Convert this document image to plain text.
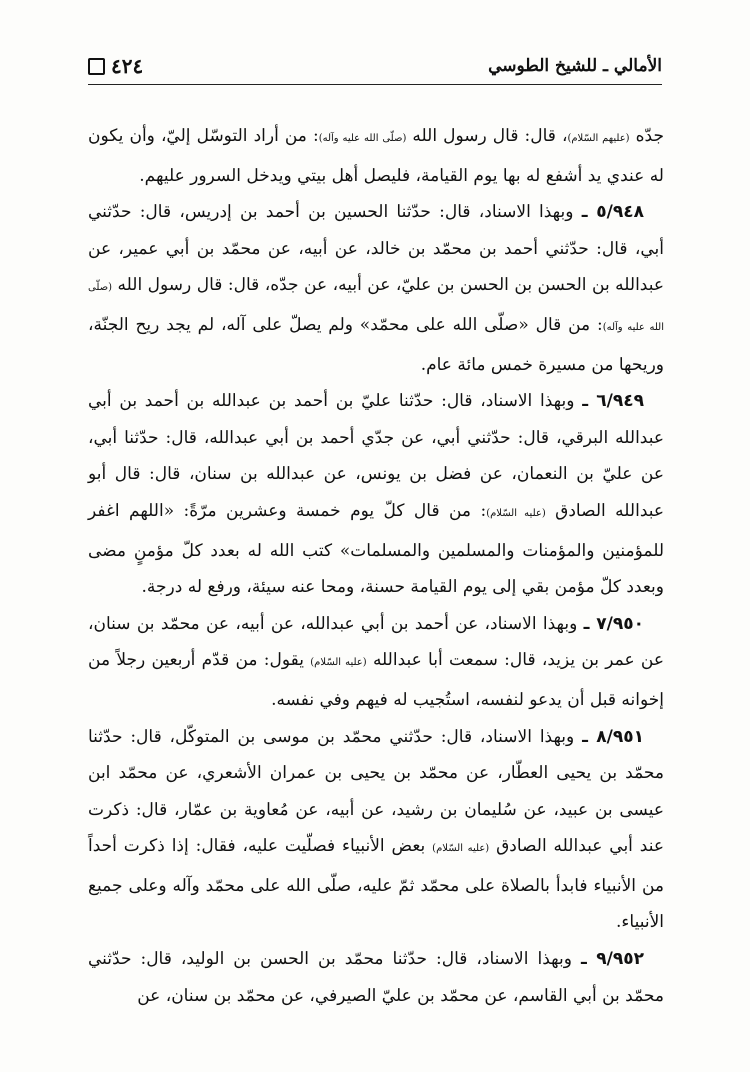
الأمالي ـ للشيخ الطوسي
٤٢٤

جدّه (عليهم السّلام)، قال: قال رسول الله (صلّى الله عليه وآله): من أراد التوسّل إليّ، وأن يكون له عندي يد أشفع له بها يوم القيامة، فليصل أهل بيتي ويدخل السرور عليهم.

٥/٩٤٨ ـ وبهذا الاسناد، قال: حدّثنا الحسين بن أحمد بن إدريس، قال: حدّثني أبي، قال: حدّثني أحمد بن محمّد بن خالد، عن أبيه، عن محمّد بن أبي عمير، عن عبدالله بن الحسن بن الحسن بن عليّ، عن أبيه، عن جدّه، قال: قال رسول الله (صلّى الله عليه وآله): من قال «صلّى الله على محمّد» ولم يصلّ على آله، لم يجد ريح الجنّة، وريحها من مسيرة خمس مائة عام.

٦/٩٤٩ ـ وبهذا الاسناد، قال: حدّثنا عليّ بن أحمد بن عبدالله بن أحمد بن أبي عبدالله البرقي، قال: حدّثني أبي، عن جدّي أحمد بن أبي عبدالله، قال: حدّثنا أبي، عن عليّ بن النعمان، عن فضل بن يونس، عن عبدالله بن سنان، قال: قال أبو عبدالله الصادق (عليه السّلام): من قال كلّ يوم خمسة وعشرين مرّةً: «اللهم اغفر للمؤمنين والمؤمنات والمسلمين والمسلمات» كتب الله له بعدد كلّ مؤمنٍ مضى وبعدد كلّ مؤمن بقي إلى يوم القيامة حسنة، ومحا عنه سيئة، ورفع له درجة.

٧/٩٥٠ ـ وبهذا الاسناد، عن أحمد بن أبي عبدالله، عن أبيه، عن محمّد بن سنان، عن عمر بن يزيد، قال: سمعت أبا عبدالله (عليه السّلام) يقول: من قدّم أربعين رجلاً من إخوانه قبل أن يدعو لنفسه، استُجيب له فيهم وفي نفسه.

٨/٩٥١ ـ وبهذا الاسناد، قال: حدّثني محمّد بن موسى بن المتوكّل، قال: حدّثنا محمّد بن يحيى العطّار، عن محمّد بن يحيى بن عمران الأشعري، عن محمّد ابن عيسى بن عبيد، عن سُليمان بن رشيد، عن أبيه، عن مُعاوية بن عمّار، قال: ذكرت عند أبي عبدالله الصادق (عليه السّلام) بعض الأنبياء فصلّيت عليه، فقال: إذا ذكرت أحداً من الأنبياء فابدأ بالصلاة على محمّد ثمّ عليه، صلّى الله على محمّد وآله وعلى جميع الأنبياء.

٩/٩٥٢ ـ وبهذا الاسناد، قال: حدّثنا محمّد بن الحسن بن الوليد، قال: حدّثني محمّد بن أبي القاسم، عن محمّد بن عليّ الصيرفي، عن محمّد بن سنان، عن
